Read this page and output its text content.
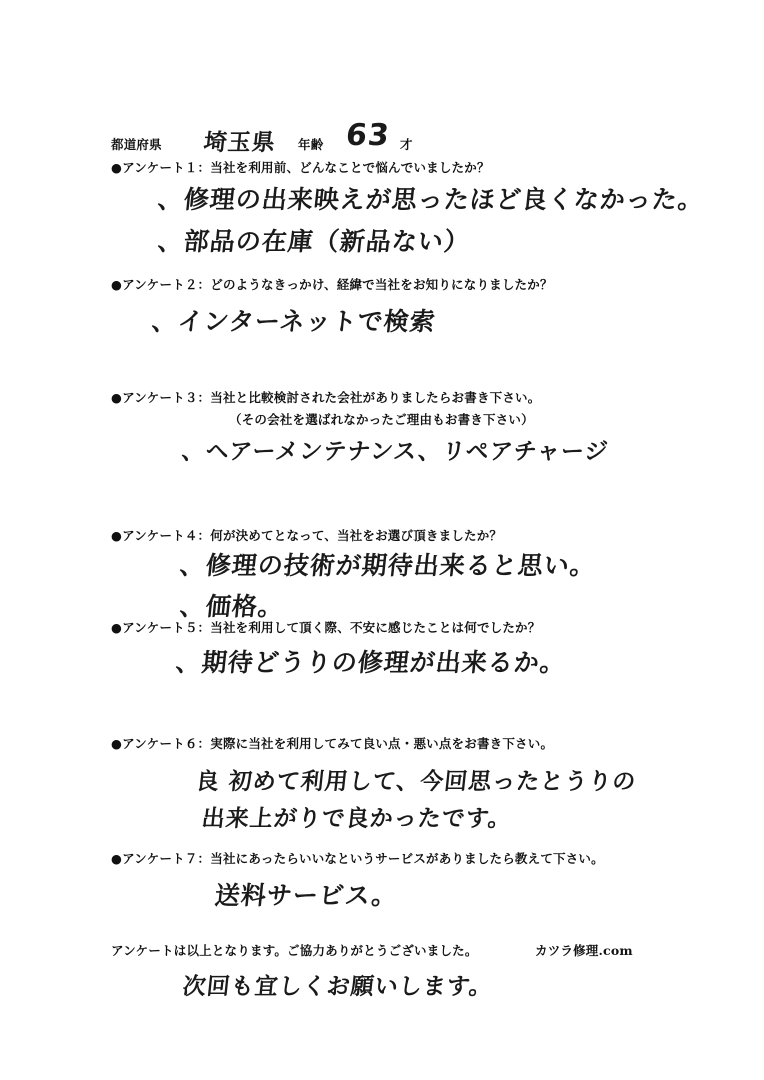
都道府県 埼玉県 年齢 63 才
●アンケート１：当社を利用前、どんなことで悩んでいましたか？
、修理の出来映えが思ったほど良くなかった。
、部品の在庫（新品ない）
●アンケート２：どのようなきっかけ、経緯で当社をお知りになりましたか？
、インターネットで検索
●アンケート３：当社と比較検討された会社がありましたらお書き下さい。
（その会社を選ばれなかったご理由もお書き下さい）
、ヘアーメンテナンス、リペアチャージ
●アンケート４：何が決めてとなって、当社をお選び頂きましたか？
、修理の技術が期待出来ると思い。
、価格。
●アンケート５：当社を利用して頂く際、不安に感じたことは何でしたか？
、期待どうりの修理が出来るか。
●アンケート６：実際に当社を利用してみて良い点・悪い点をお書き下さい。
良 初めて利用して、今回思ったとうりの
出来上がりで良かったです。
●アンケート７：当社にあったらいいなというサービスがありましたら教えて下さい。
送料サービス。
アンケートは以上となります。ご協力ありがとうございました。	カツラ修理.com
次回も宜しくお願いします。
